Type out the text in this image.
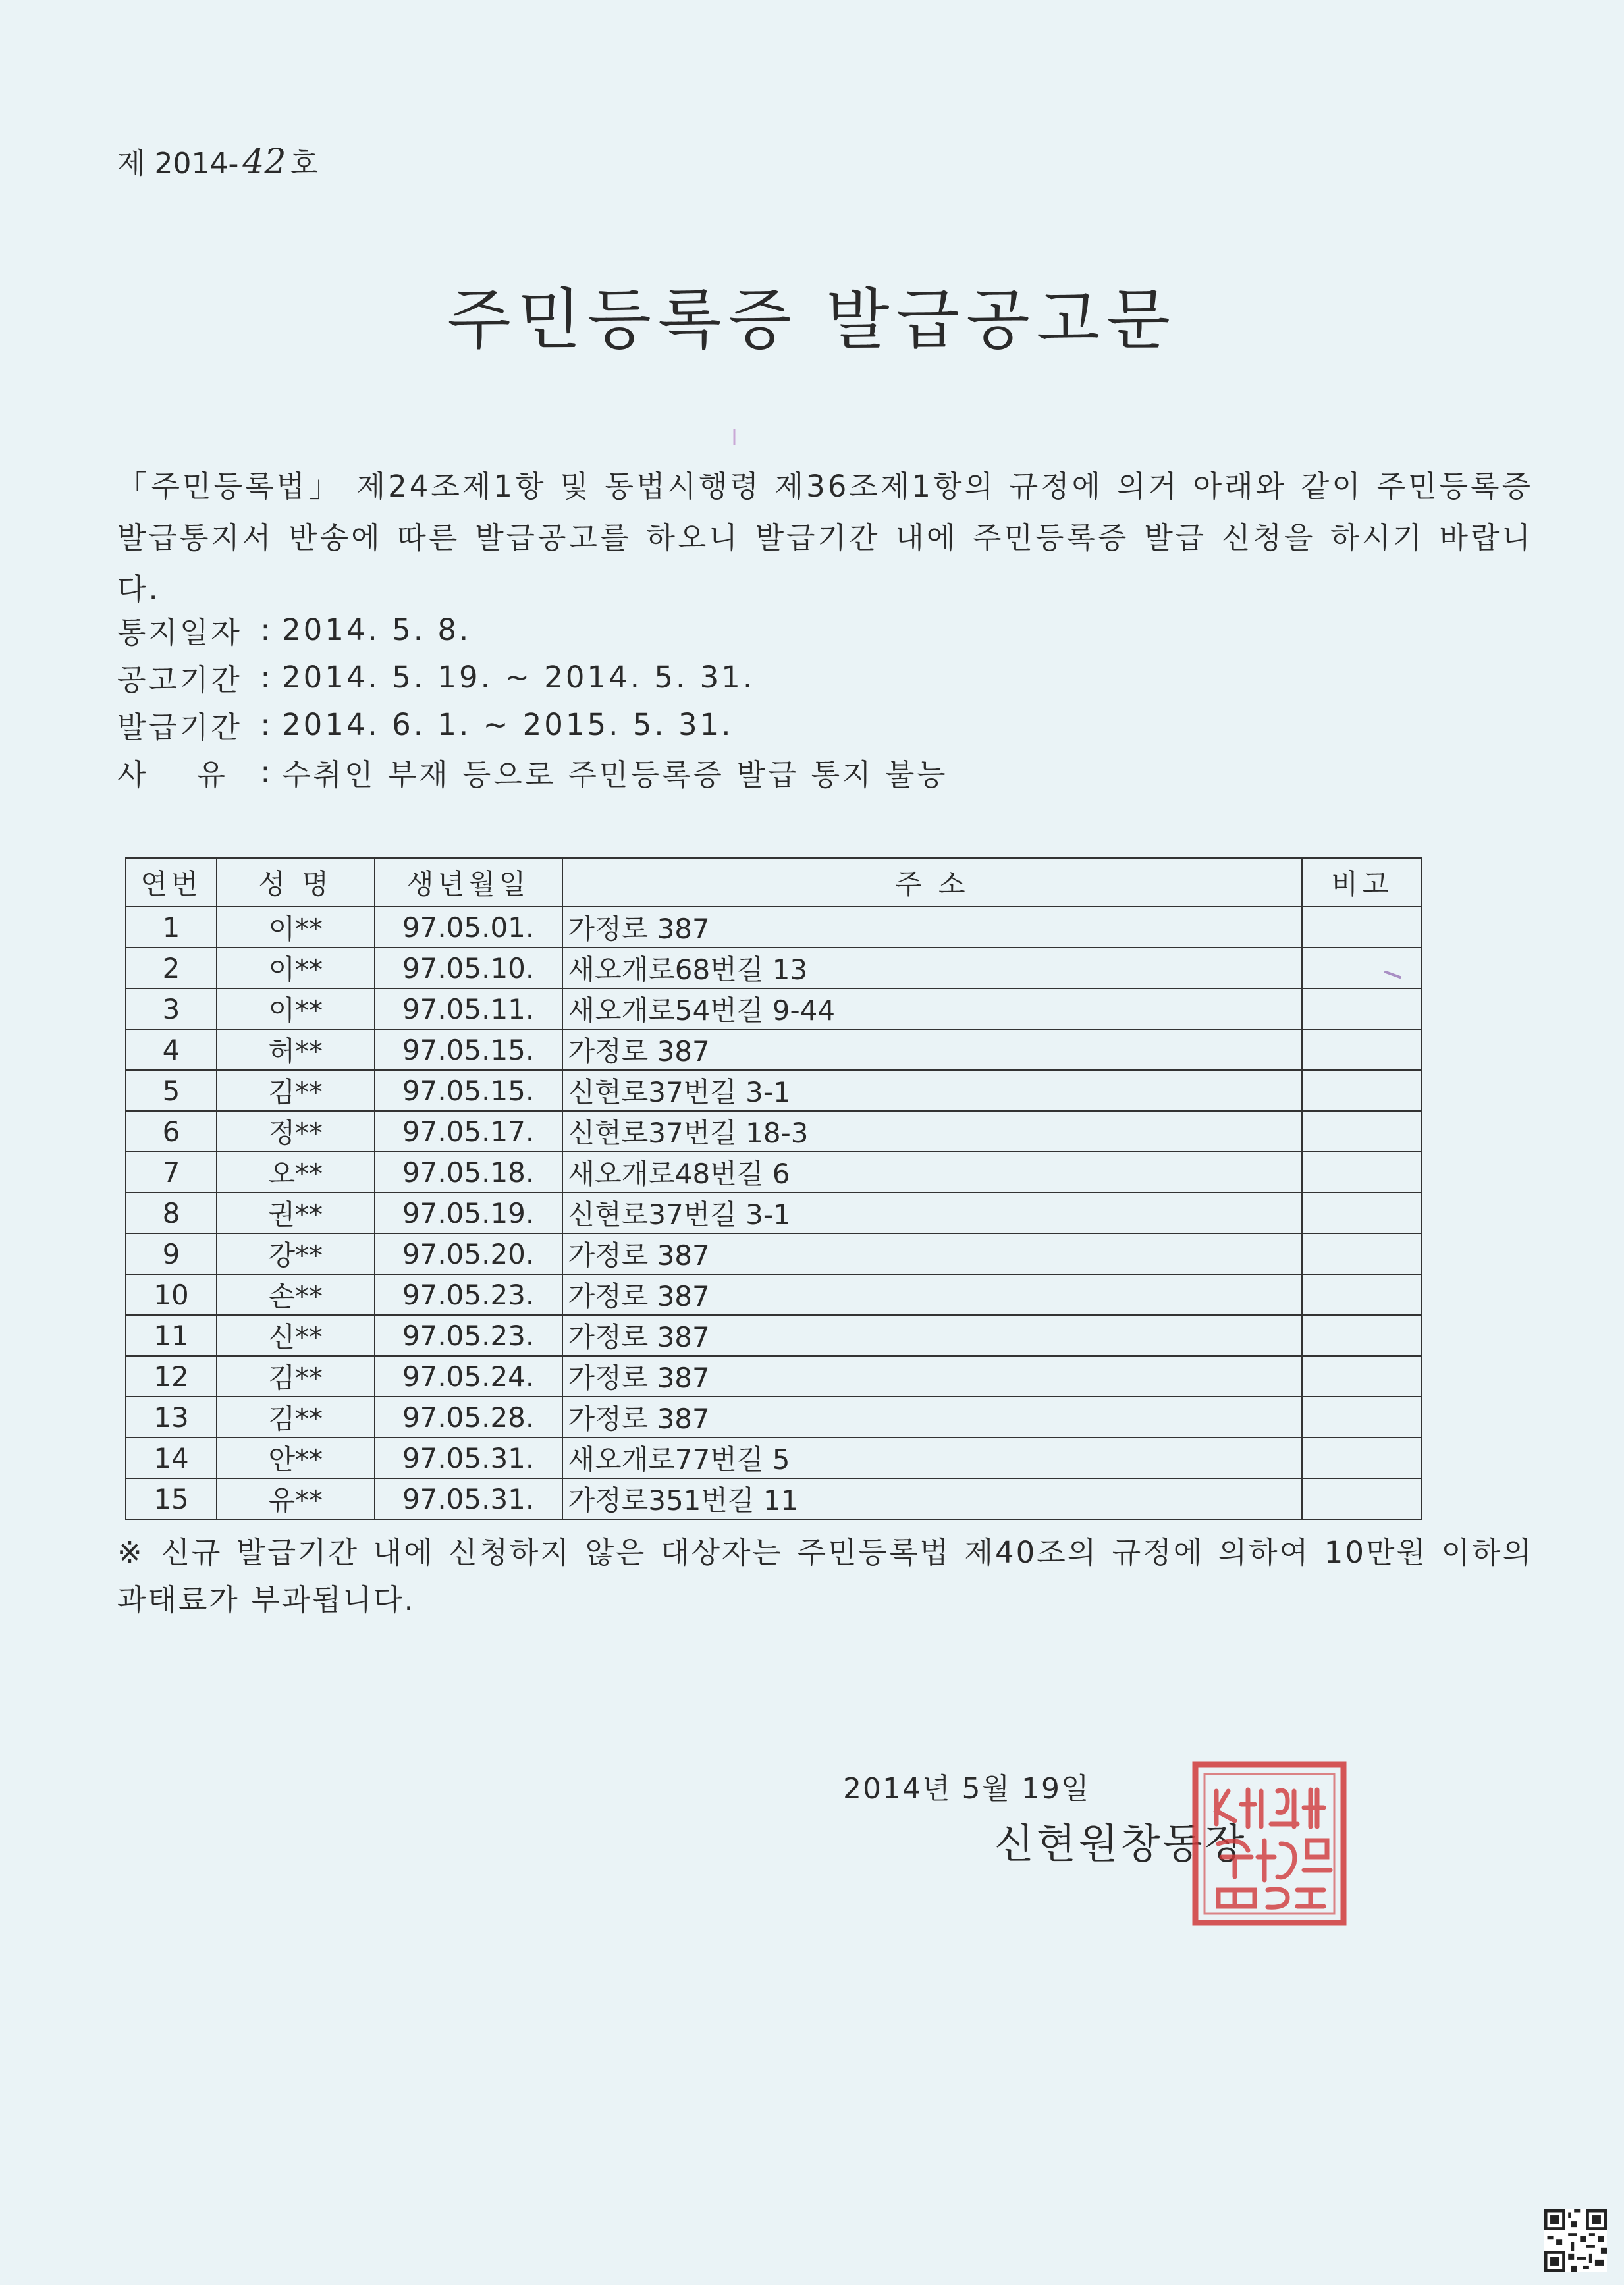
제 2014- 42 호
주민등록증 발급공고문
「주민등록법」 제24조제1항 및 동법시행령 제36조제1항의 규정에 의거 아래와 같이 주민등록증 발급통지서 반송에 따른 발급공고를 하오니 발급기간 내에 주민등록증 발급 신청을 하시기 바랍니다.
통지일자 : 2014. 5. 8.
공고기간 : 2014. 5. 19. ~ 2014. 5. 31.
발급기간 : 2014. 6. 1. ~ 2015. 5. 31.
사    유	: 수취인 부재 등으로 주민등록증 발급 통지 불능
연번	성 명	생년월일	주 소	비고
1	이**	97.05.01.	가정로 387	
2	이**	97.05.10.	새오개로68번길 13	
3	이**	97.05.11.	새오개로54번길 9-44	
4	허**	97.05.15.	가정로 387	
5	김**	97.05.15.	신현로37번길 3-1	
6	정**	97.05.17.	신현로37번길 18-3	
7	오**	97.05.18.	새오개로48번길 6	
8	권**	97.05.19.	신현로37번길 3-1	
9	강**	97.05.20.	가정로 387	
10	손**	97.05.23.	가정로 387	
11	신**	97.05.23.	가정로 387	
12	김**	97.05.24.	가정로 387	
13	김**	97.05.28.	가정로 387	
14	안**	97.05.31.	새오개로77번길 5	
15	유**	97.05.31.	가정로351번길 11	
※ 신규 발급기간 내에 신청하지 않은 대상자는 주민등록법 제40조의 규정에 의하여 10만원 이하의 과태료가 부과됩니다.
2014년 5월 19일
신현원창동장
